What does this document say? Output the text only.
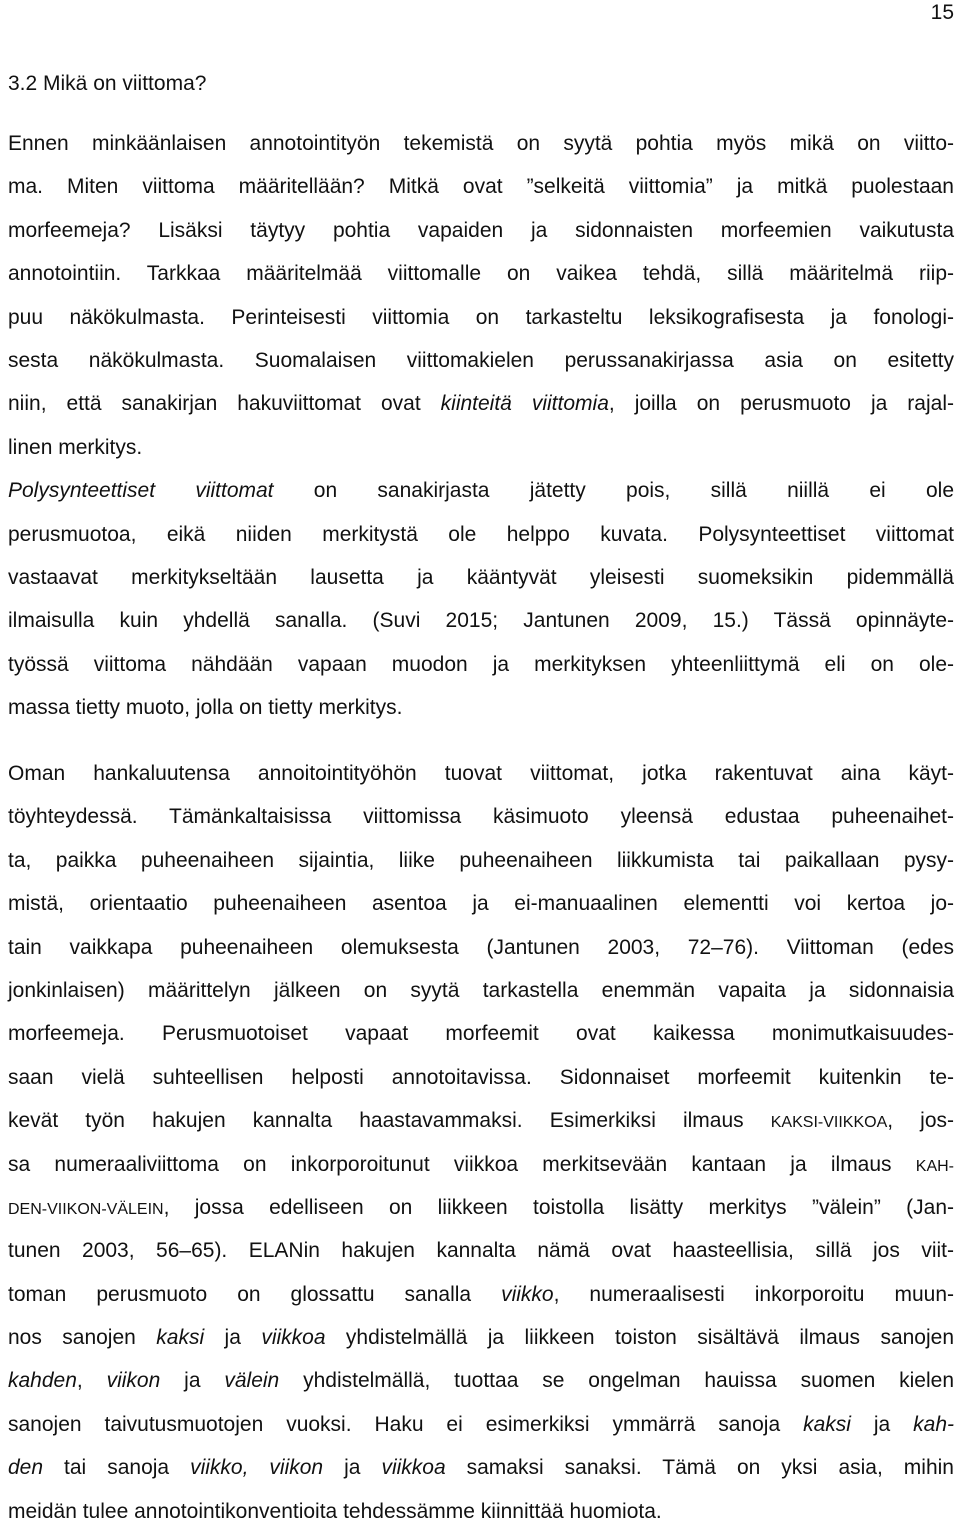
15
3.2 Mikä on viittoma?
Ennen minkäänlaisen annotointityön tekemistä on syytä pohtia myös mikä on viitto-
ma. Miten viittoma määritellään? Mitkä ovat ”selkeitä viittomia” ja mitkä puolestaan
morfeemeja? Lisäksi täytyy pohtia vapaiden ja sidonnaisten morfeemien vaikutusta
annotointiin. Tarkkaa määritelmää viittomalle on vaikea tehdä, sillä määritelmä riip-
puu näkökulmasta. Perinteisesti viittomia on tarkasteltu leksikografisesta ja fonologi-
sesta näkökulmasta. Suomalaisen viittomakielen perussanakirjassa asia on esitetty
niin, että sanakirjan hakuviittomat ovat kiinteitä viittomia, joilla on perusmuoto ja rajal-
linen merkitys.
Polysynteettiset viittomat on sanakirjasta jätetty pois, sillä niillä ei ole
perusmuotoa, eikä niiden merkitystä ole helppo kuvata. Polysynteettiset viittomat
vastaavat merkitykseltään lausetta ja kääntyvät yleisesti suomeksikin pidemmällä
ilmaisulla kuin yhdellä sanalla. (Suvi 2015; Jantunen 2009, 15.) Tässä opinnäyte-
työssä viittoma nähdään vapaan muodon ja merkityksen yhteenliittymä eli on ole-
massa tietty muoto, jolla on tietty merkitys.
Oman hankaluutensa annoitointityöhön tuovat viittomat, jotka rakentuvat aina käyt-
töyhteydessä. Tämänkaltaisissa viittomissa käsimuoto yleensä edustaa puheenaihet-
ta, paikka puheenaiheen sijaintia, liike puheenaiheen liikkumista tai paikallaan pysy-
mistä, orientaatio puheenaiheen asentoa ja ei-manuaalinen elementti voi kertoa jo-
tain vaikkapa puheenaiheen olemuksesta (Jantunen 2003, 72–76). Viittoman (edes
jonkinlaisen) määrittelyn jälkeen on syytä tarkastella enemmän vapaita ja sidonnaisia
morfeemeja. Perusmuotoiset vapaat morfeemit ovat kaikessa monimutkaisuudes-
saan vielä suhteellisen helposti annotoitavissa. Sidonnaiset morfeemit kuitenkin te-
kevät työn hakujen kannalta haastavammaksi. Esimerkiksi ilmaus KAKSI-VIIKKOA, jos-
sa numeraaliviittoma on inkorporoitunut viikkoa merkitsevään kantaan ja ilmaus KAH-
DEN-VIIKON-VÄLEIN, jossa edelliseen on liikkeen toistolla lisätty merkitys ”välein” (Jan-
tunen 2003, 56–65). ELANin hakujen kannalta nämä ovat haasteellisia, sillä jos viit-
toman perusmuoto on glossattu sanalla viikko, numeraalisesti inkorporoitu muun-
nos sanojen kaksi ja viikkoa yhdistelmällä ja liikkeen toiston sisältävä ilmaus sanojen
kahden, viikon ja välein yhdistelmällä, tuottaa se ongelman hauissa suomen kielen
sanojen taivutusmuotojen vuoksi. Haku ei esimerkiksi ymmärrä sanoja kaksi ja kah-
den tai sanoja viikko, viikon ja viikkoa samaksi sanaksi. Tämä on yksi asia, mihin
meidän tulee annotointikonventioita tehdessämme kiinnittää huomiota.
